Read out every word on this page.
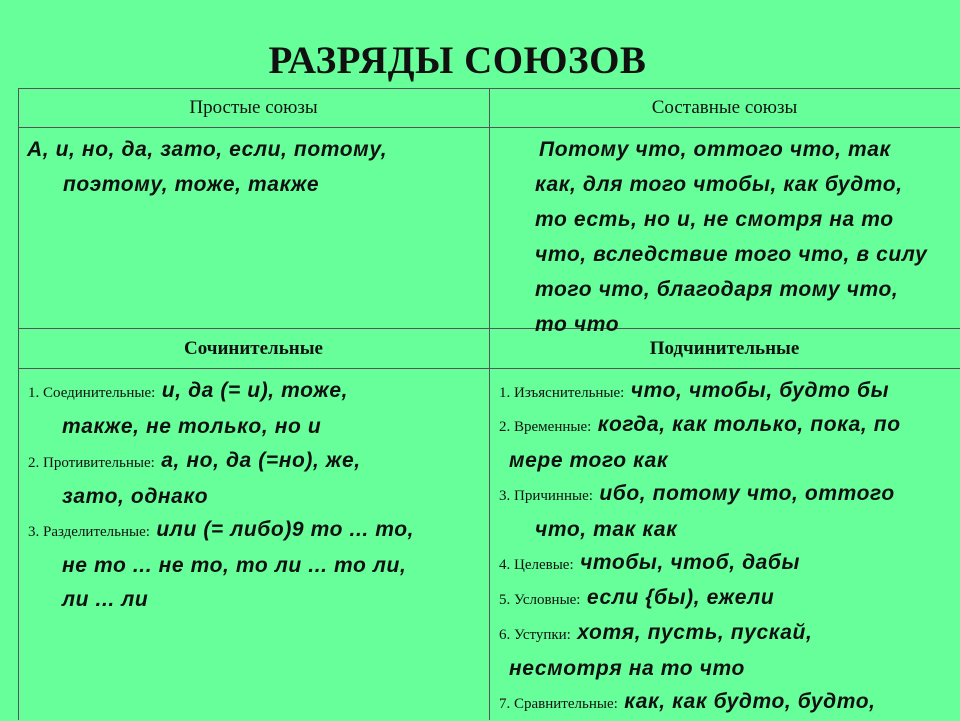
РАЗРЯДЫ СОЮЗОВ
Простые союзы	Составные союзы
А, и, но, да, зато, если, потому,
поэтому, тоже, также
Потому что, оттого что, так
как, для того чтобы, как будто,
то есть, но и, не смотря на то
что, вследствие того что, в силу
того что, благодаря тому что,
то что
Сочинительные	Подчинительные
1. Соединительные: и, да (= и), тоже,
также, не только, но и
2. Противительные: а, но, да (=но), же,
зато, однако
3. Разделительные: или (= либо)9 то ... то,
не то ... не то, то ли ... то ли,
ли ... ли
1. Изъяснительные: что, чтобы, будто бы
2. Временные: когда, как только, пока, по
мере того как
3. Причинные: ибо, потому что, оттого
что, так как
4. Целевые: чтобы, чтоб, дабы
5. Условные: если {бы), ежели
6. Уступки: хотя, пусть, пускай,
несмотря на то что
7. Сравнительные: как, как будто, будто,
